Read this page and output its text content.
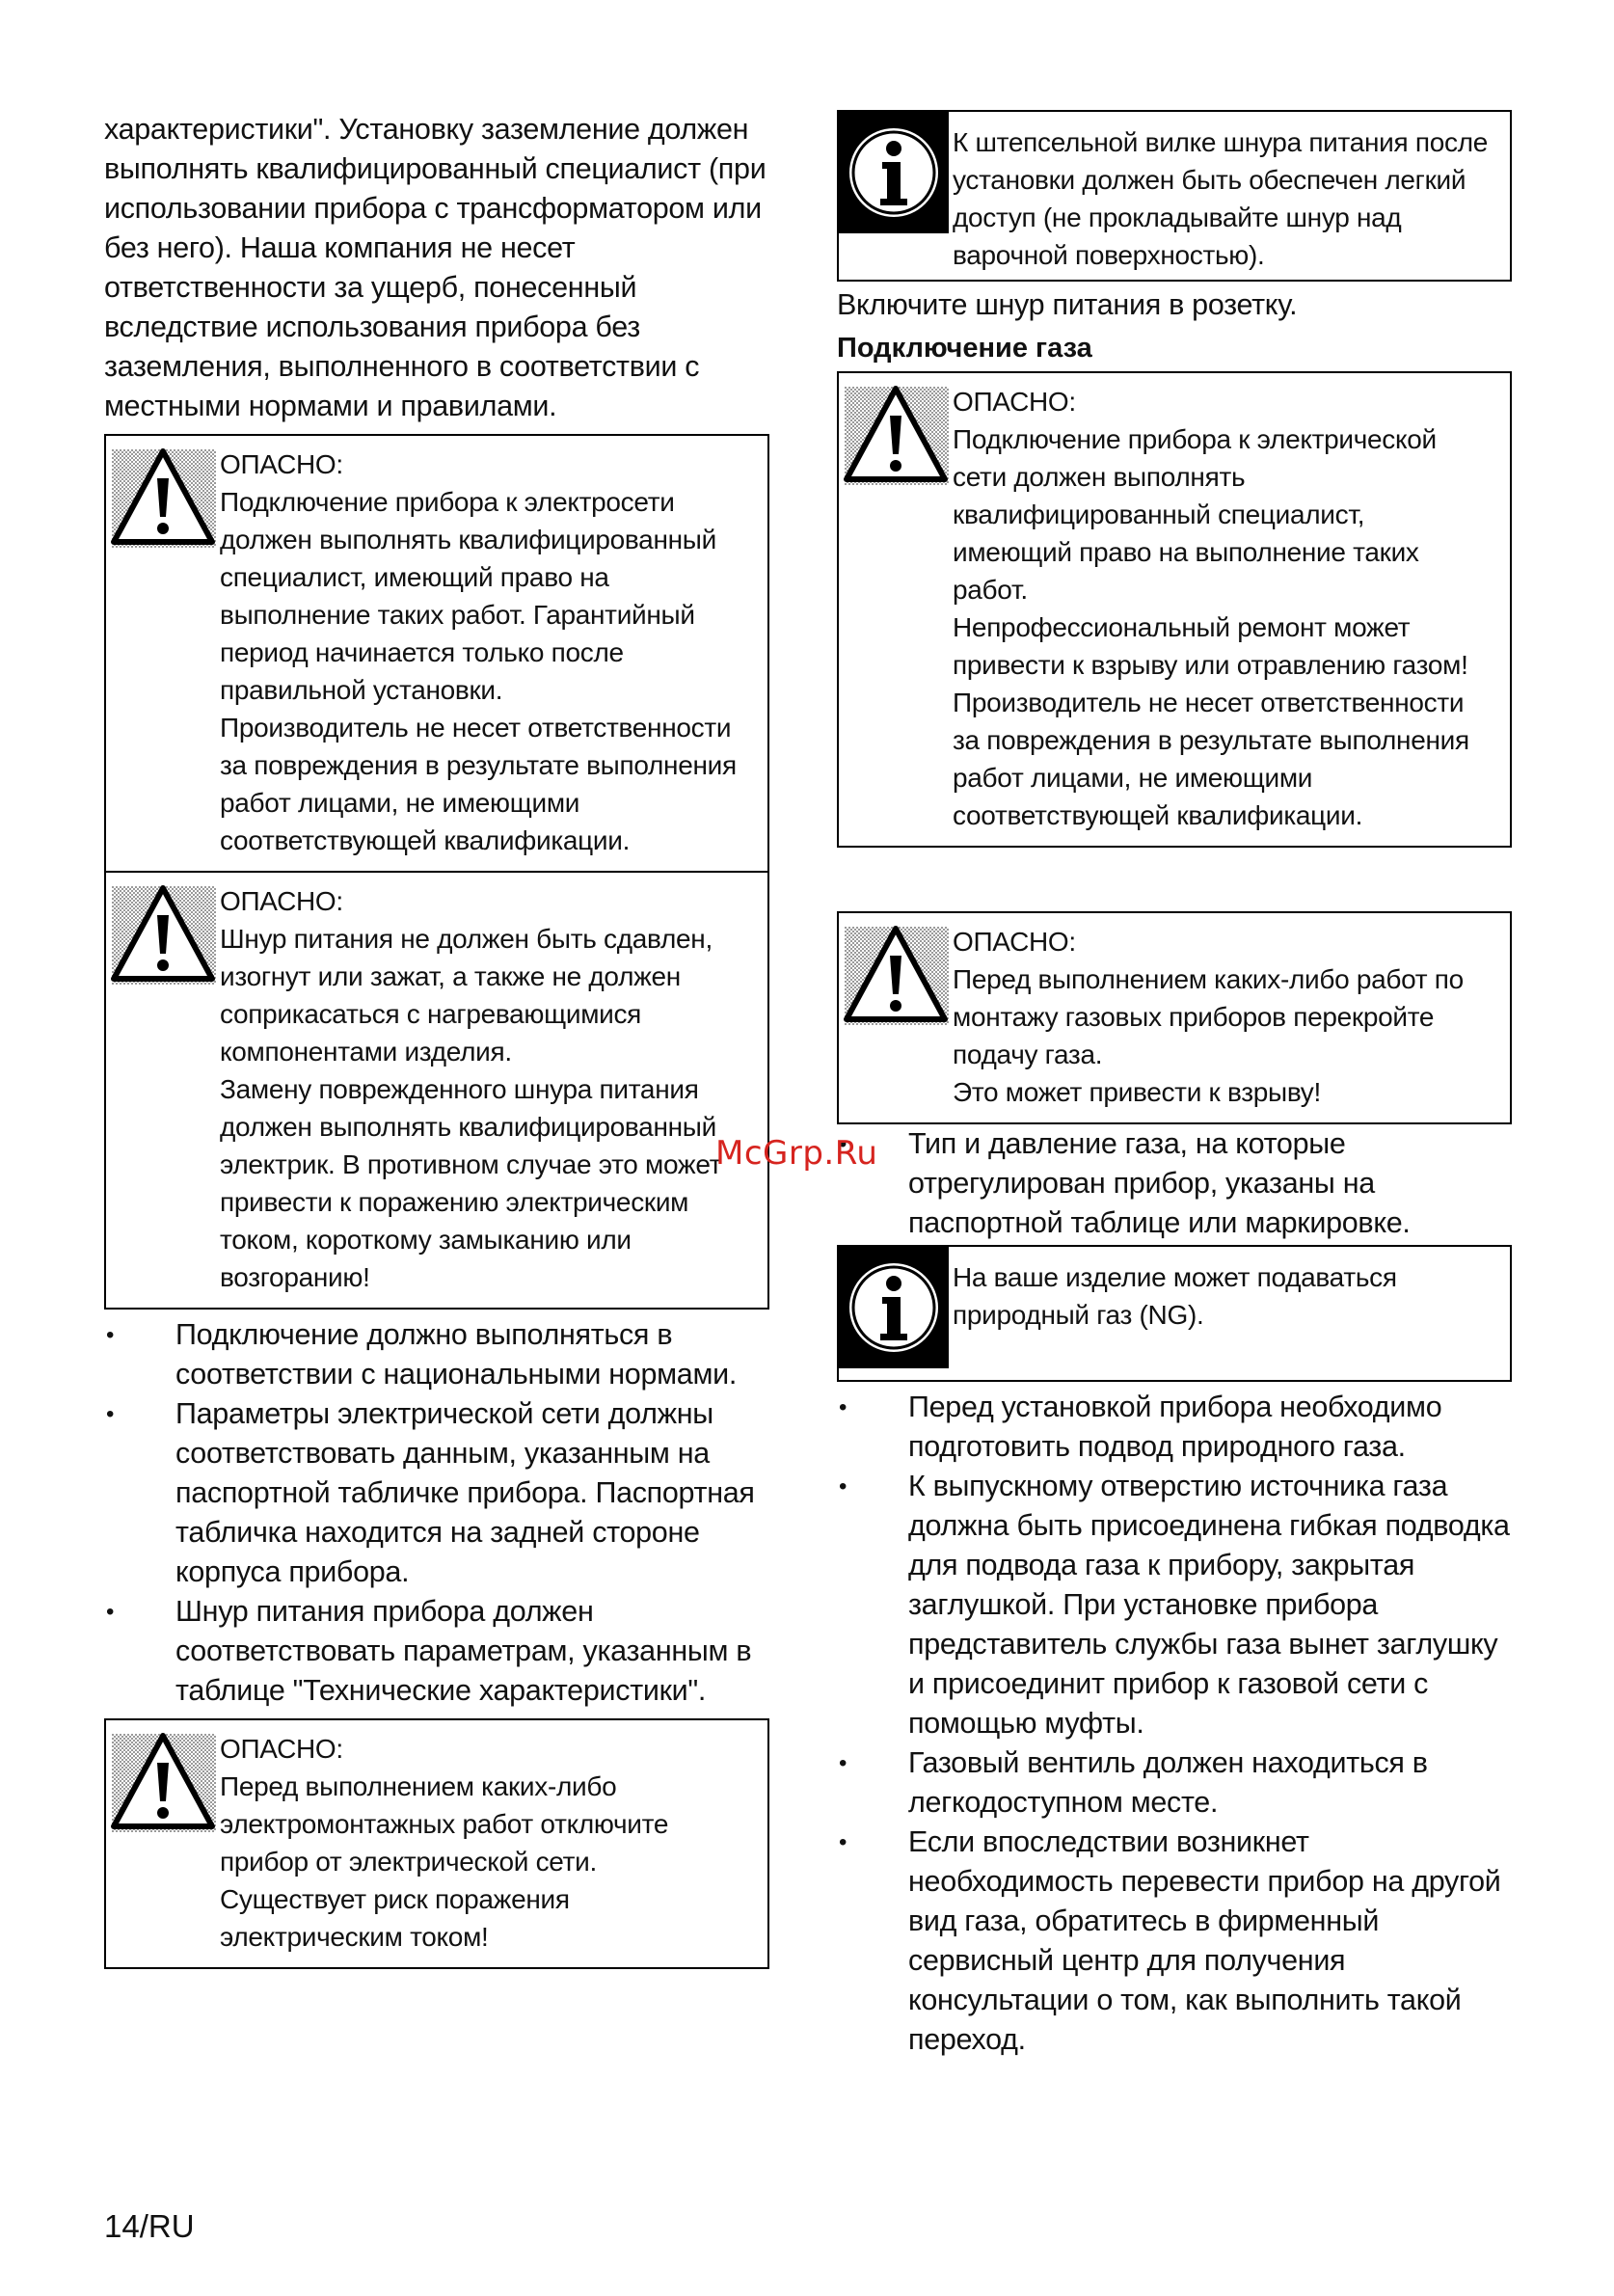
характеристики". Установку заземление должен
выполнять квалифицированный специалист (при
использовании прибора с трансформатором или
без него). Наша компания не несет
ответственности за ущерб, понесенный
вследствие использования прибора без
заземления, выполненного в соответствии с
местными нормами и правилами.
ОПАСНО:
Подключение прибора к электросети
должен выполнять квалифицированный
специалист, имеющий право на
выполнение таких работ. Гарантийный
период начинается только после
правильной установки.
Производитель не несет ответственности
за повреждения в результате выполнения
работ лицами, не имеющими
соответствующей квалификации.
ОПАСНО:
Шнур питания не должен быть сдавлен,
изогнут или зажат, а также не должен
соприкасаться с нагревающимися
компонентами изделия.
Замену поврежденного шнура питания
должен выполнять квалифицированный
электрик. В противном случае это может
привести к поражению электрическим
током, короткому замыканию или
возгоранию!
• Подключение должно выполняться в
соответствии с национальными нормами.
• Параметры электрической сети должны
соответствовать данным, указанным на
паспортной табличке прибора. Паспортная
табличка находится на задней стороне
корпуса прибора.
• Шнур питания прибора должен
соответствовать параметрам, указанным в
таблице "Технические характеристики".
ОПАСНО:
Перед выполнением каких-либо
электромонтажных работ отключите
прибор от электрической сети.
Существует риск поражения
электрическим током!
К штепсельной вилке шнура питания после
установки должен быть обеспечен легкий
доступ (не прокладывайте шнур над
варочной поверхностью).

Включите шнур питания в розетку.

Подключение газа

ОПАСНО:
Подключение прибора к электрической
сети должен выполнять
квалифицированный специалист,
имеющий право на выполнение таких
работ.
Непрофессиональный ремонт может
привести к взрыву или отравлению газом!
Производитель не несет ответственности
за повреждения в результате выполнения
работ лицами, не имеющими
соответствующей квалификации.
ОПАСНО:
Перед выполнением каких-либо работ по
монтажу газовых приборов перекройте
подачу газа.
Это может привести к взрыву!
• Тип и давление газа, на которые
отрегулирован прибор, указаны на
паспортной таблице или маркировке.
На ваше изделие может подаваться
природный газ (NG).
• Перед установкой прибора необходимо
подготовить подвод природного газа.
• К выпускному отверстию источника газа
должна быть присоединена гибкая подводка
для подвода газа к прибору, закрытая
заглушкой. При установке прибора
представитель службы газа вынет заглушку
и присоединит прибор к газовой сети с
помощью муфты.
• Газовый вентиль должен находиться в
легкодоступном месте.
• Если впоследствии возникнет
необходимость перевести прибор на другой
вид газа, обратитесь в фирменный
сервисный центр для получения
консультации о том, как выполнить такой
переход.
McGrp.Ru
14/RU
